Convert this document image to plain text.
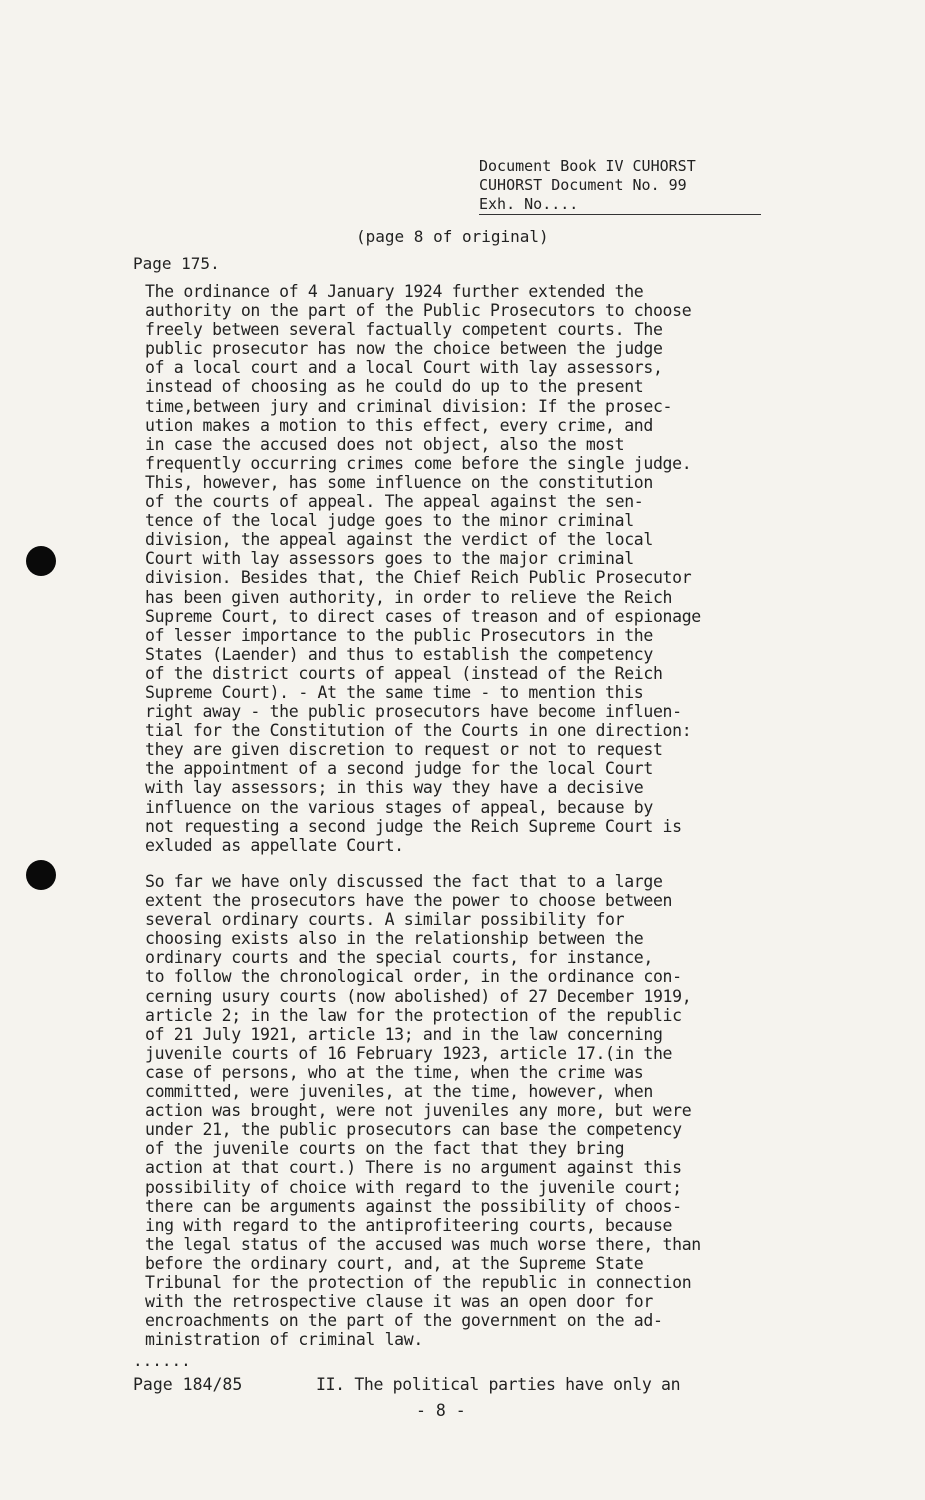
Document Book IV CUHORST
CUHORST Document No. 99
Exh. No....
(page 8 of original)
Page 175.
The ordinance of 4 January 1924 further extended the
authority on the part of the Public Prosecutors to choose
freely between several factually competent courts. The
public prosecutor has now the choice between the judge
of a local court and a local Court with lay assessors,
instead of choosing as he could do up to the present
time,between jury and criminal division: If the prosec-
ution makes a motion to this effect, every crime, and
in case the accused does not object, also the most
frequently occurring crimes come before the single judge.
This, however, has some influence on the constitution
of the courts of appeal. The appeal against the sen-
tence of the local judge goes to the minor criminal
division, the appeal against the verdict of the local
Court with lay assessors goes to the major criminal
division. Besides that, the Chief Reich Public Prosecutor
has been given authority, in order to relieve the Reich
Supreme Court, to direct cases of treason and of espionage
of lesser importance to the public Prosecutors in the
States (Laender) and thus to establish the competency
of the district courts of appeal (instead of the Reich
Supreme Court). - At the same time - to mention this
right away - the public prosecutors have become influen-
tial for the Constitution of the Courts in one direction:
they are given discretion to request or not to request
the appointment of a second judge for the local Court
with lay assessors; in this way they have a decisive
influence on the various stages of appeal, because by
not requesting a second judge the Reich Supreme Court is
exluded as appellate Court.
So far we have only discussed the fact that to a large
extent the prosecutors have the power to choose between
several ordinary courts. A similar possibility for
choosing exists also in the relationship between the
ordinary courts and the special courts, for instance,
to follow the chronological order, in the ordinance con-
cerning usury courts (now abolished) of 27 December 1919,
article 2; in the law for the protection of the republic
of 21 July 1921, article 13; and in the law concerning
juvenile courts of 16 February 1923, article 17.(in the
case of persons, who at the time, when the crime was
committed, were juveniles, at the time, however, when
action was brought, were not juveniles any more, but were
under 21, the public prosecutors can base the competency
of the juvenile courts on the fact that they bring
action at that court.) There is no argument against this
possibility of choice with regard to the juvenile court;
there can be arguments against the possibility of choos-
ing with regard to the antiprofiteering courts, because
the legal status of the accused was much worse there, than
before the ordinary court, and, at the Supreme State
Tribunal for the protection of the republic in connection
with the retrospective clause it was an open door for
encroachments on the part of the government on the ad-
ministration of criminal law.
......
Page 184/85	II. The political parties have only an
- 8 -
